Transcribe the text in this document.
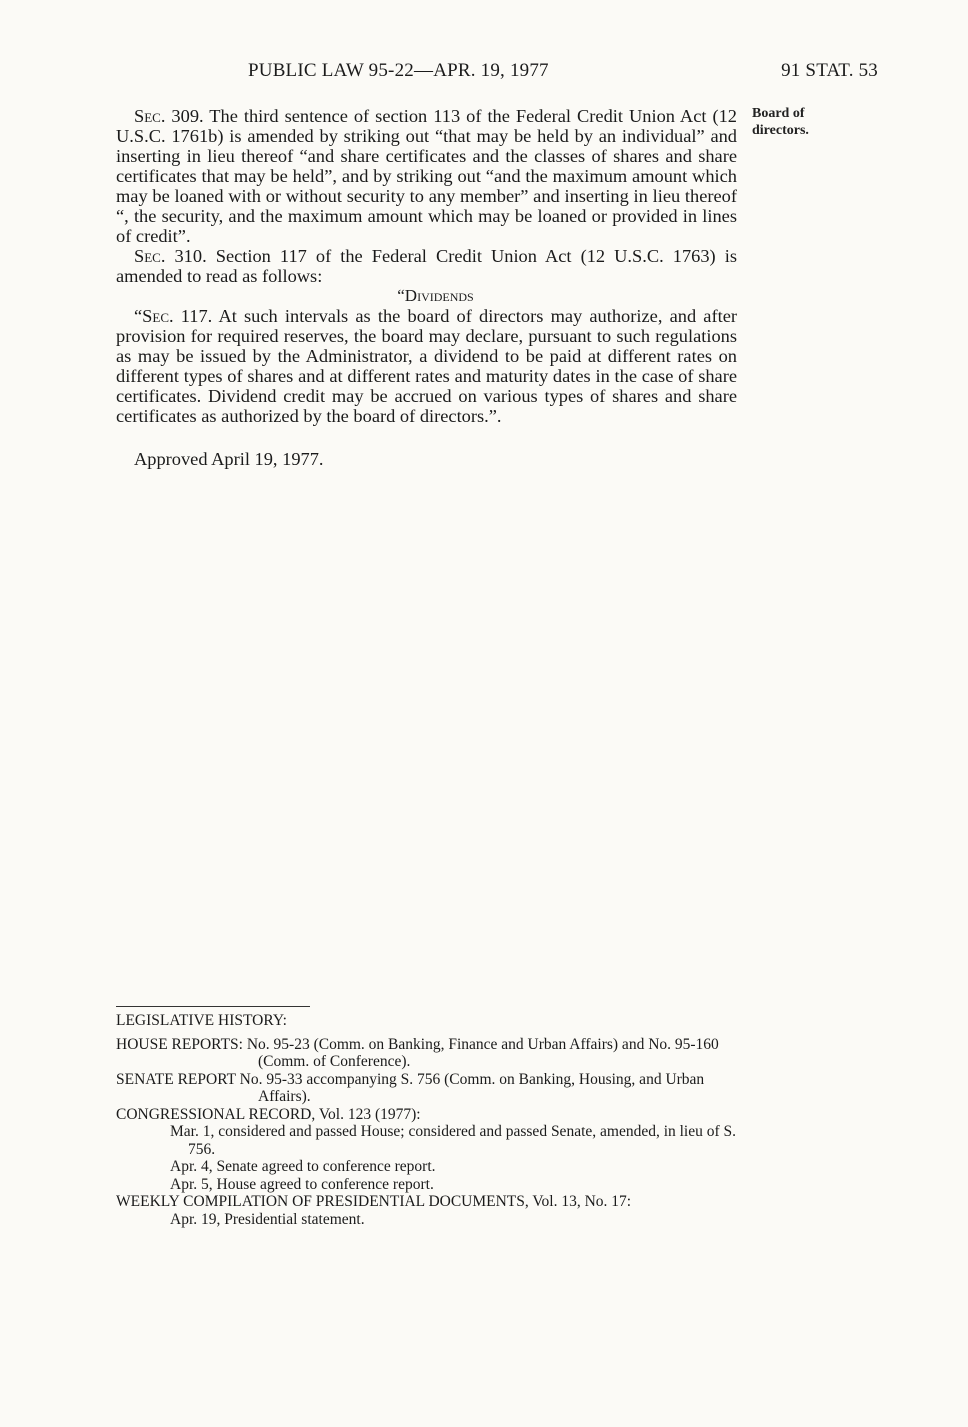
PUBLIC LAW 95-22—APR. 19, 1977	91 STAT. 53
Board of
directors.

Sec. 309. The third sentence of section 113 of the Federal Credit Union Act (12 U.S.C. 1761b) is amended by striking out “that may be held by an individual” and inserting in lieu thereof “and share certificates and the classes of shares and share certificates that may be held”, and by striking out “and the maximum amount which may be loaned with or without security to any member” and inserting in lieu thereof “, the security, and the maximum amount which may be loaned or provided in lines of credit”.

Sec. 310. Section 117 of the Federal Credit Union Act (12 U.S.C. 1763) is amended to read as follows:

“Dividends

“Sec. 117. At such intervals as the board of directors may authorize, and after provision for required reserves, the board may declare, pursuant to such regulations as may be issued by the Administrator, a dividend to be paid at different rates on different types of shares and at different rates and maturity dates in the case of share certificates. Dividend credit may be accrued on various types of shares and share certificates as authorized by the board of directors.”.

Approved April 19, 1977.

LEGISLATIVE HISTORY:
HOUSE REPORTS: No. 95-23 (Comm. on Banking, Finance and Urban Affairs) and No. 95-160 (Comm. of Conference).
SENATE REPORT No. 95-33 accompanying S. 756 (Comm. on Banking, Housing, and Urban Affairs).
CONGRESSIONAL RECORD, Vol. 123 (1977):
Mar. 1, considered and passed House; considered and passed Senate, amended, in lieu of S. 756.
Apr. 4, Senate agreed to conference report.
Apr. 5, House agreed to conference report.
WEEKLY COMPILATION OF PRESIDENTIAL DOCUMENTS, Vol. 13, No. 17:
Apr. 19, Presidential statement.
